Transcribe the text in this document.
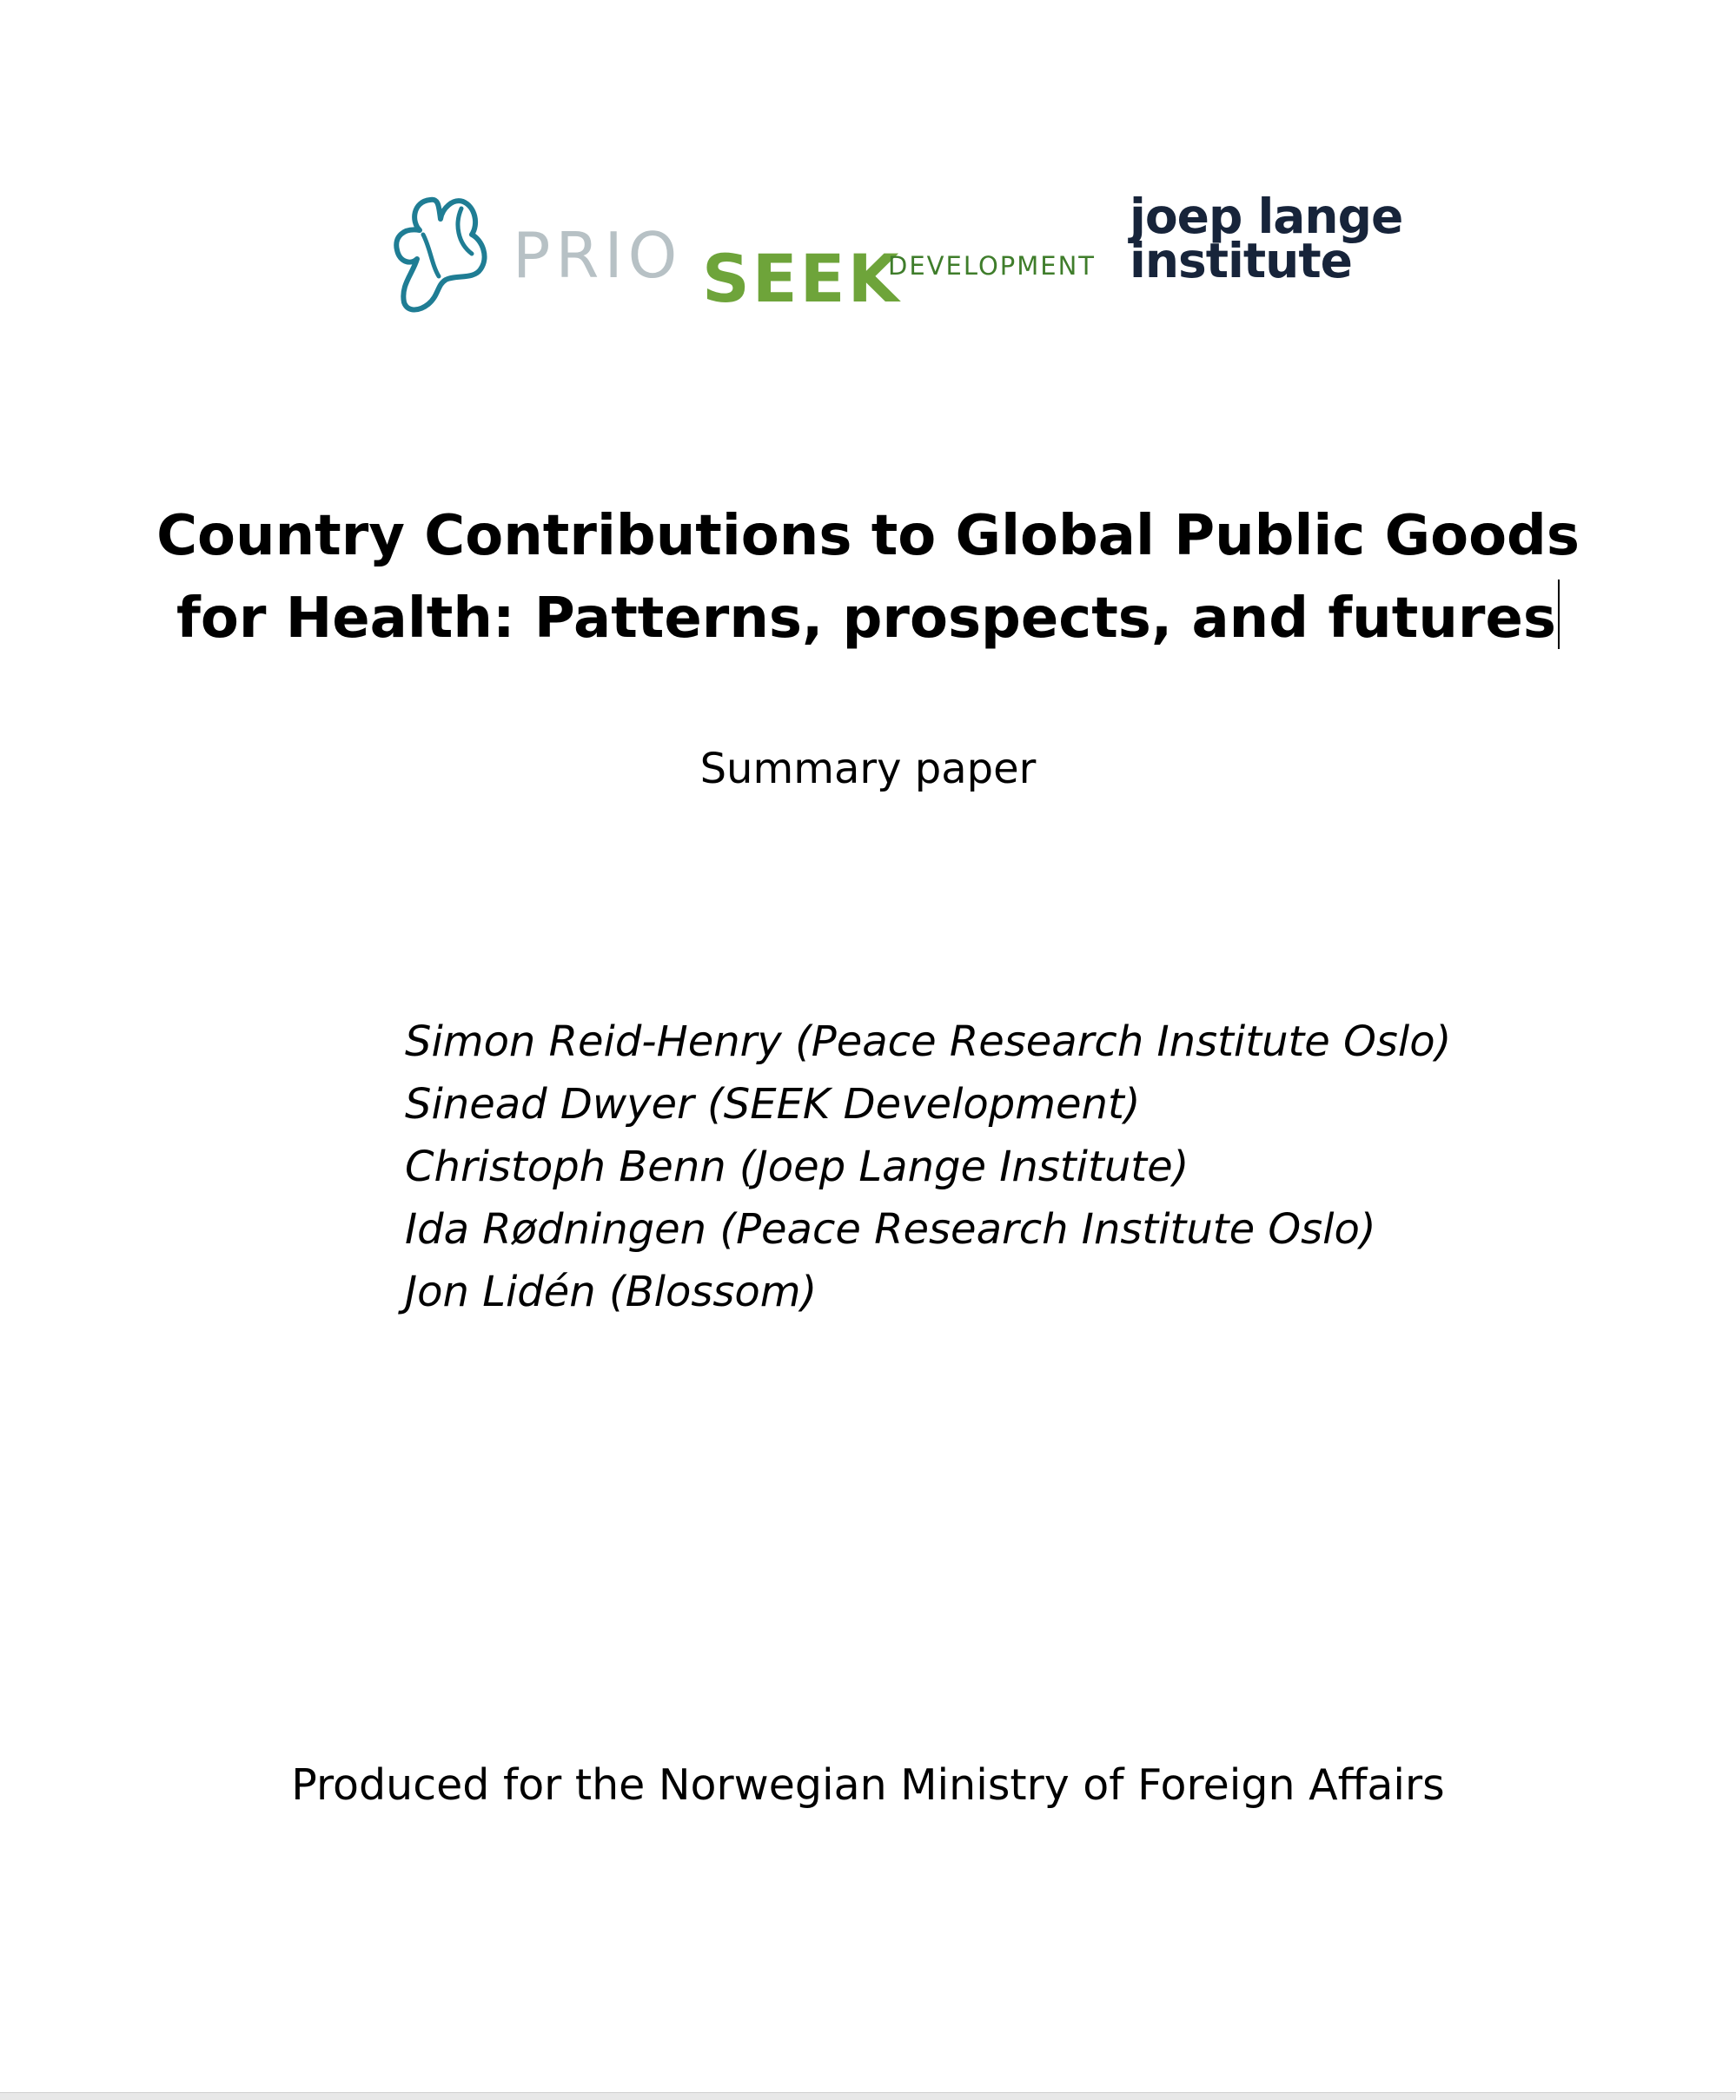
PRIO SEEK
DEVELOPMENT
joep lange
institute
Country Contributions to Global Public Goods
for Health: Patterns, prospects, and futures
Summary paper
Simon Reid-Henry (Peace Research Institute Oslo)
Sinead Dwyer (SEEK Development)
Christoph Benn (Joep Lange Institute)
Ida Rødningen (Peace Research Institute Oslo)
Jon Lidén (Blossom)
Produced for the Norwegian Ministry of Foreign Affairs
